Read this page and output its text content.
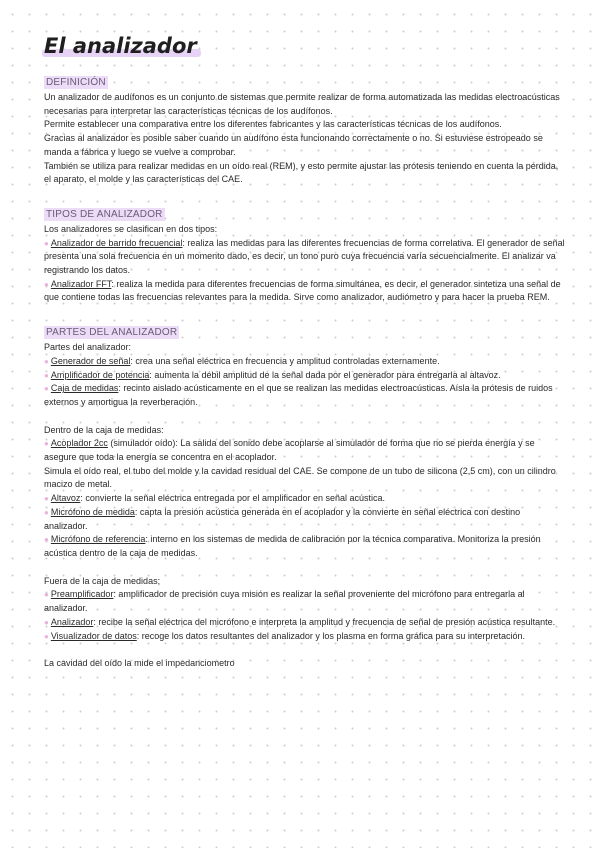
El analizador
DEFINICIÓN

Un analizador de audífonos es un conjunto de sistemas que permite realizar de forma automatizada las medidas electroacústicas necesarias para interpretar las características técnicas de los audífonos.

Permite establecer una comparativa entre los diferentes fabricantes y las características técnicas de los audífonos.

Gracias al analizador es posible saber cuando un audífono esta funcionando correctamente o no. Si estuviese estropeado se manda a fábrica y luego se vuelve a comprobar.

También se utiliza para realizar medidas en un oído real (REM), y esto permite ajustar las prótesis teniendo en cuenta la pérdida, el aparato, el molde y las características del CAE.

TIPOS DE ANALIZADOR

Los analizadores se clasifican en dos tipos:

● Analizador de barrido frecuencial: realiza las medidas para las diferentes frecuencias de forma correlativa. El generador de señal presenta una sola frecuencia en un momento dado, es decir, un tono puro cuya frecuencia varía secuencialmente. El analizar va registrando los datos.

● Analizador FFT: realiza la medida para diferentes frecuencias de forma simultánea, es decir, el generador sintetiza una señal de que contiene todas las frecuencias relevantes para la medida. Sirve como analizador, audiómetro y para hacer la prueba REM.

PARTES DEL ANALIZADOR

Partes del analizador:

● Generador de señal: crea una señal eléctrica en frecuencia y amplitud controladas externamente.

● Amplificador de potencia: aumenta la débil amplitud de la señal dada por el generador para entregarla al altavoz.

● Caja de medidas: recinto aislado acústicamente en el que se realizan las medidas electroacústicas. Aísla la prótesis de ruidos externos y amortigua la reverberación.

Dentro de la caja de medidas:

● Acoplador 2cc (simulador oído): La salida del sonido debe acoplarse al simulador de forma que no se pierda energía y se asegure que toda la energía se concentra en el acoplador.

Simula el oído real, el tubo del molde y la cavidad residual del CAE. Se compone de un tubo de silicona (2,5 cm), con un cilindro macizo de metal.

● Altavoz: convierte la señal eléctrica entregada por el amplificador en señal acústica.

● Micrófono de medida: capta la presión acústica generada en el acoplador y la convierte en señal eléctrica con destino analizador.

● Micrófono de referencia: interno en los sistemas de medida de calibración por la técnica comparativa. Monitoriza la presión acústica dentro de la caja de medidas.

Fuera de la caja de medidas;

● Preamplificador: amplificador de precisión cuya misión es realizar la señal proveniente del micrófono para entregarla al analizador.

● Analizador: recibe la señal eléctrica del micrófono e interpreta la amplitud y frecuencia de señal de presión acústica resultante.

● Visualizador de datos: recoge los datos resultantes del analizador y los plasma en forma gráfica para su interpretación.

La cavidad del oído la mide el impedanciometro
